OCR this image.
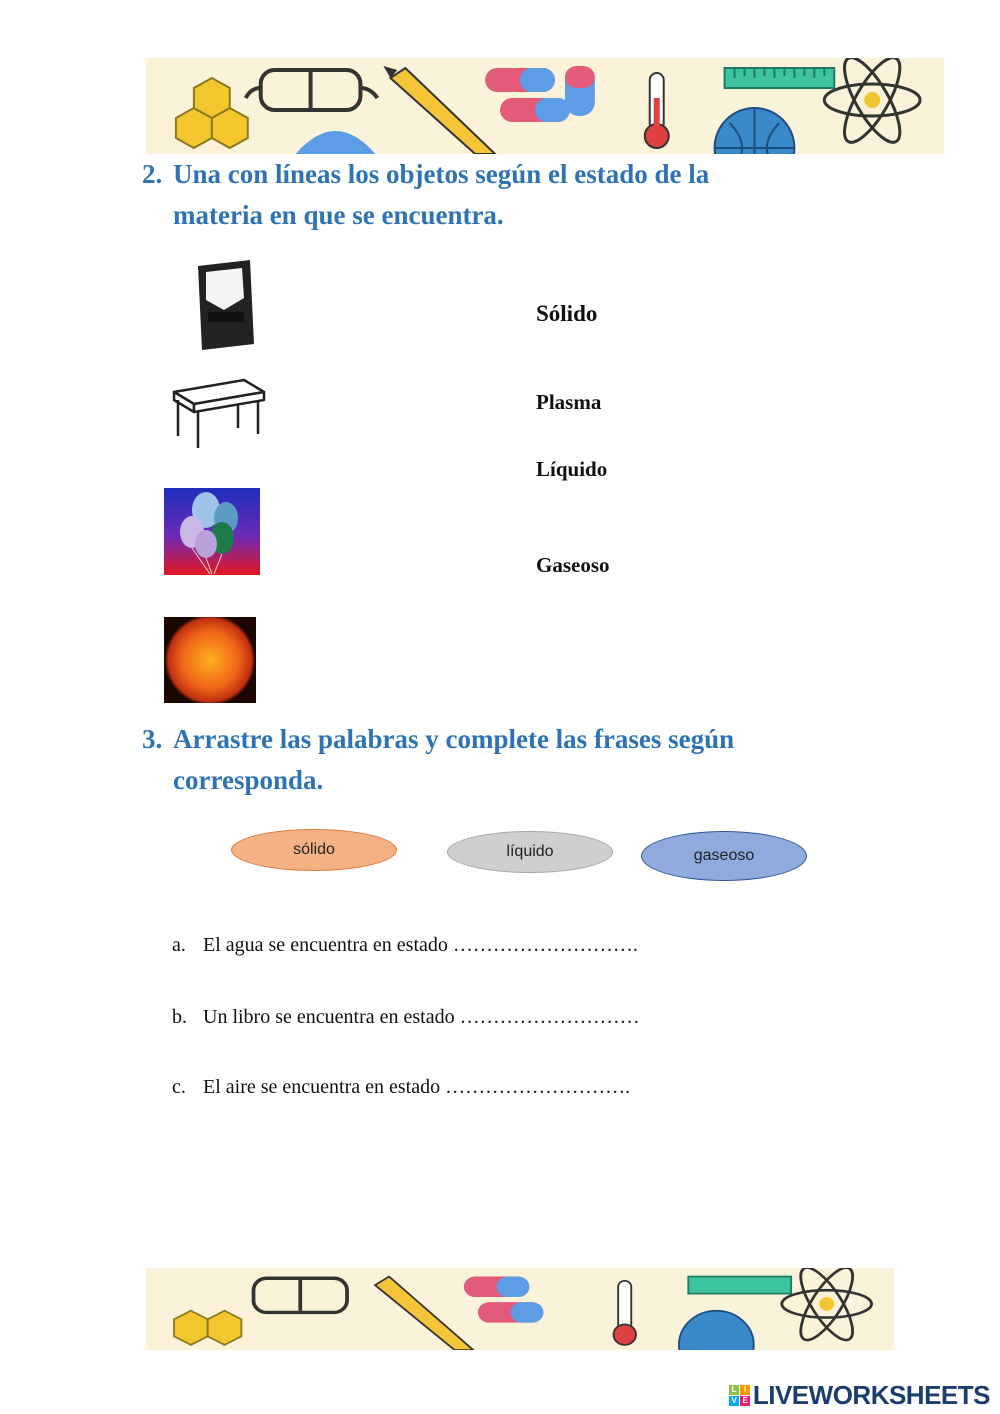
2. Una con líneas los objetos según el estado de la
materia en que se encuentra.
Sólido
Plasma
Líquido
Gaseoso
3. Arrastre las palabras y complete las frases según
corresponda.
sólido	líquido	gaseoso
a. El agua se encuentra en estado ……………………….
b. Un libro se encuentra en estado ………………………
c. El aire se encuentra en estado ……………………….
L I
V E LIVEWORKSHEETS
